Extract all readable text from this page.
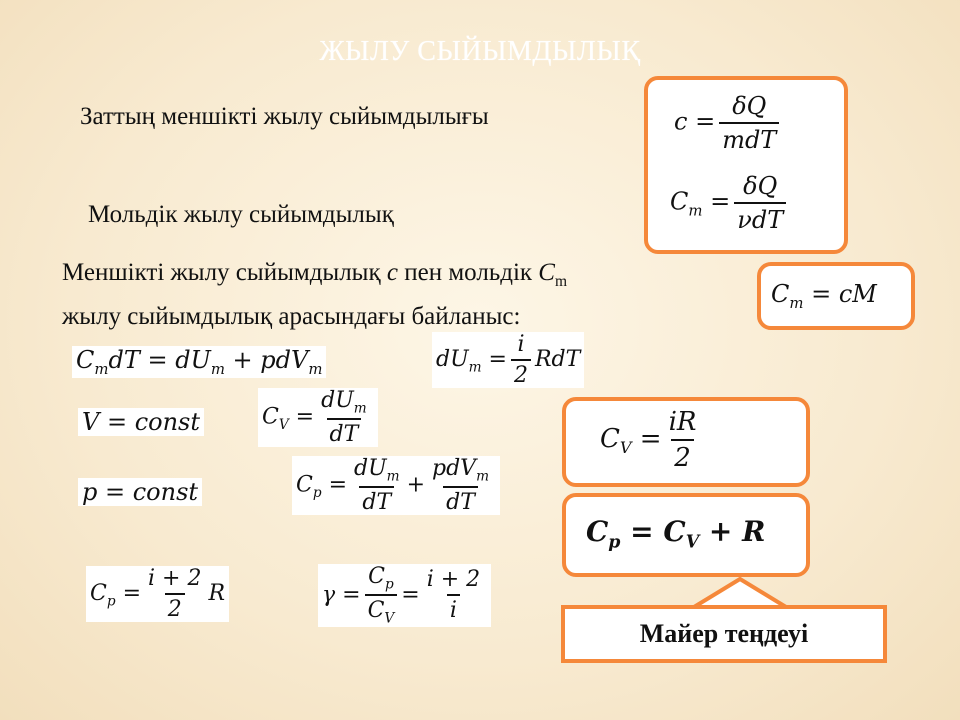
ЖЫЛУ СЫЙЫМДЫЛЫҚ
Заттың меншікті жылу сыйымдылығы
Мольдік жылу сыйымдылық
Меншікті жылу сыйымдылық c пен мольдік $C_m$
жылу сыйымдылық арасындағы байланыс:
$c = \frac{\delta Q}{\text{mdT}}$
$C_m = \frac{\delta Q}{\text{νdT}}$
$C_m$ = cM
$C_mdT = dU_m + pdV_m$	$dU_m = \frac{i}{2}$ RdT
V = const	$C_V = \frac{dU_m}{dT}$
p = const	$C_p = \frac{dU_m}{dT} + \frac{pdV_m}{dT}$
$C_p = \frac{i + 2}{2}$ R	$\gamma = \frac{C_p}{C_V} = \frac{i + 2}{i}$
$C_V = \frac{iR}{2}$
$C_p = C_V + R$
Майер теңдеуі
